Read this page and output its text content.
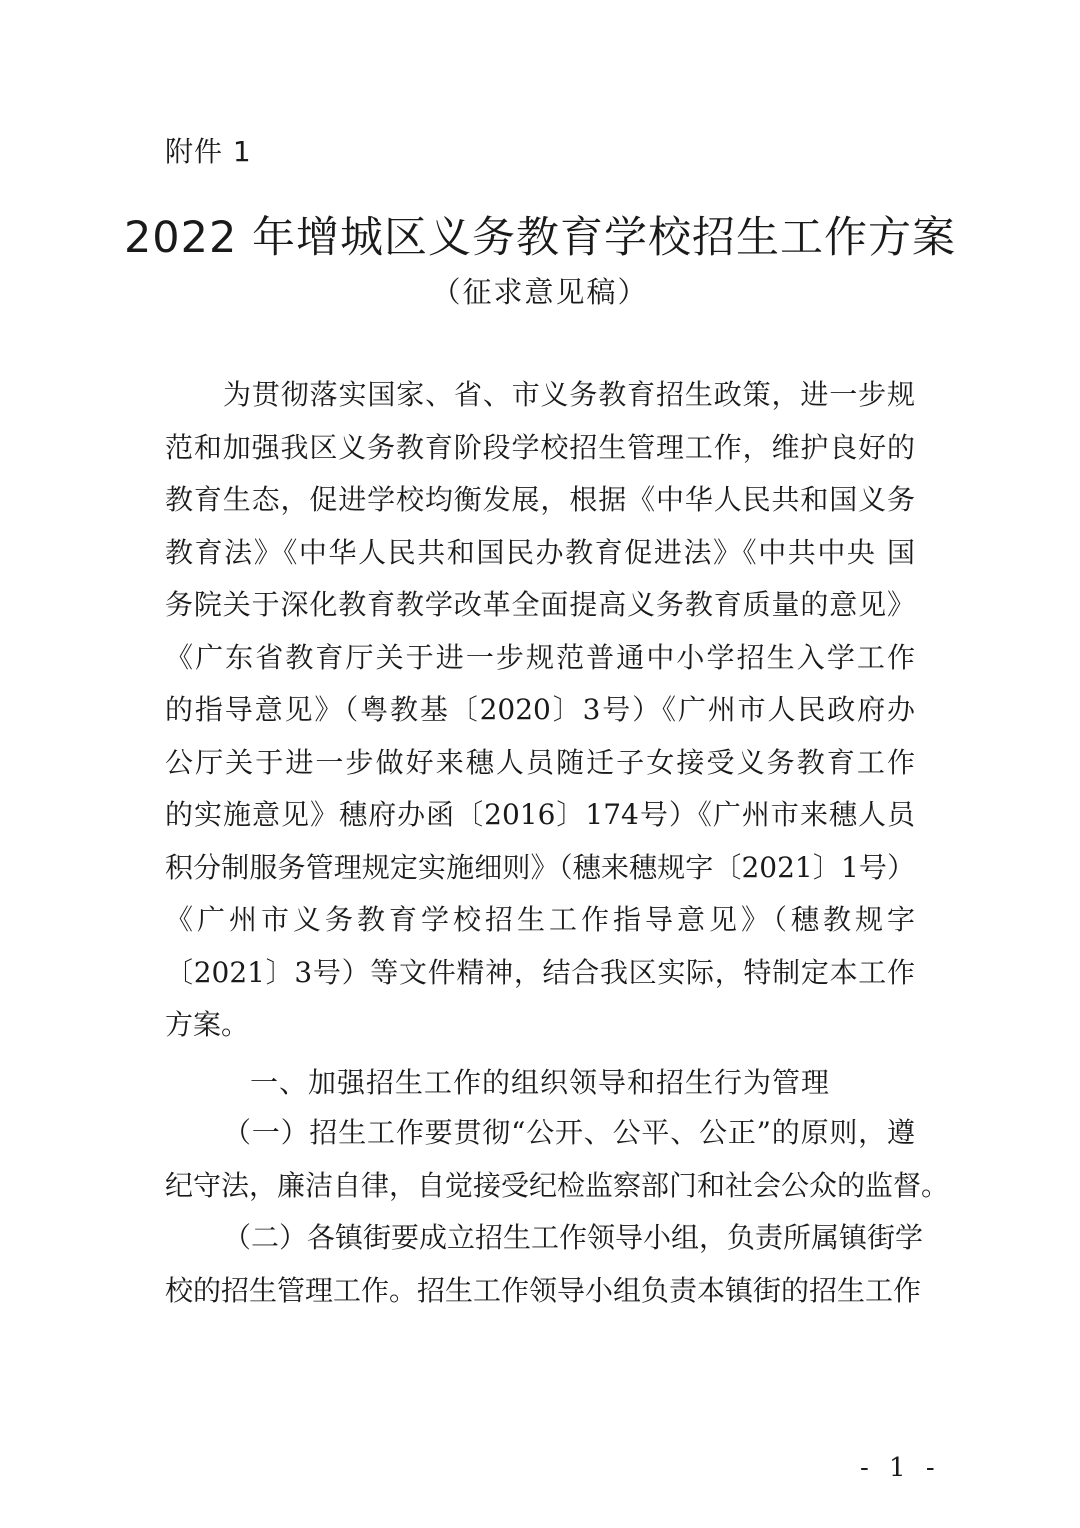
附件 1
2022 年增城区义务教育学校招生工作方案
（征求意见稿）
为贯彻落实国家、省、市义务教育招生政策，进一步规
范和加强我区义务教育阶段学校招生管理工作，维护良好的
教育生态，促进学校均衡发展，根据《中华人民共和国义务
教育法》《中华人民共和国民办教育促进法》《中共中央 国
务院关于深化教育教学改革全面提高义务教育质量的意见》
《广东省教育厅关于进一步规范普通中小学招生入学工作
的指导意见》（粤教基〔2020〕3号）《广州市人民政府办
公厅关于进一步做好来穗人员随迁子女接受义务教育工作
的实施意见》穗府办函〔2016〕174号）《广州市来穗人员
积分制服务管理规定实施细则》（穗来穗规字〔2021〕1号）
《广州市义务教育学校招生工作指导意见》（穗教规字
〔2021〕3号）等文件精神，结合我区实际，特制定本工作
方案。
一、加强招生工作的组织领导和招生行为管理
（一）招生工作要贯彻“公开、公平、公正”的原则，遵
纪守法，廉洁自律，自觉接受纪检监察部门和社会公众的监督。
（二）各镇街要成立招生工作领导小组，负责所属镇街学
校的招生管理工作。招生工作领导小组负责本镇街的招生工作
- 1 -
